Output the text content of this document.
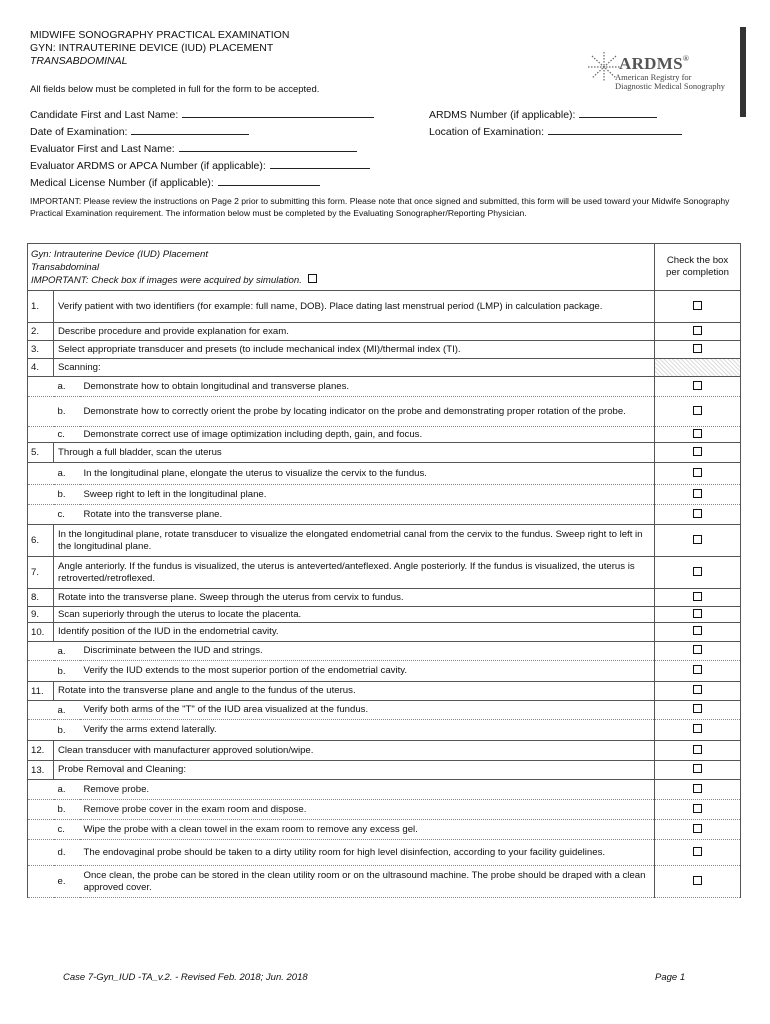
MIDWIFE SONOGRAPHY PRACTICAL EXAMINATION
GYN: INTRAUTERINE DEVICE (IUD) PLACEMENT
TRANSABDOMINAL
All fields below must be completed in full for the form to be accepted.
ARDMS®
American Registry for
Diagnostic Medical Sonography
Candidate First and Last Name:
Date of Examination:
Evaluator First and Last Name:
Evaluator ARDMS or APCA Number (if applicable):
Medical License Number (if applicable):
ARDMS Number (if applicable):
Location of Examination:
IMPORTANT: Please review the instructions on Page 2 prior to submitting this form. Please note that once signed and submitted, this form will be used toward your Midwife Sonography Practical Examination requirement. The information below must be completed by the Evaluating Sonographer/Reporting Physician.
Gyn: Intrauterine Device (IUD) Placement
Transabdominal
IMPORTANT: Check box if images were acquired by simulation.			Check the box per completion
1.	Verify patient with two identifiers (for example: full name, DOB). Place dating last menstrual period (LMP) in calculation package.		
2.	Describe procedure and provide explanation for exam.		
3.	Select appropriate transducer and presets (to include mechanical index (MI)/thermal index (TI).		
4.	Scanning:		
	a.	Demonstrate how to obtain longitudinal and transverse planes.	
	b.	Demonstrate how to correctly orient the probe by locating indicator on the probe and demonstrating proper rotation of the probe.	
	c.	Demonstrate correct use of image optimization including depth, gain, and focus.	
5.	Through a full bladder, scan the uterus		
	a.	In the longitudinal plane, elongate the uterus to visualize the cervix to the fundus.	
	b.	Sweep right to left in the longitudinal plane.	
	c.	Rotate into the transverse plane.	
6.	In the longitudinal plane, rotate transducer to visualize the elongated endometrial canal from the cervix to the fundus. Sweep right to left in the longitudinal plane.		
7.	Angle anteriorly. If the fundus is visualized, the uterus is anteverted/anteflexed. Angle posteriorly. If the fundus is visualized, the uterus is retroverted/retroflexed.		
8.	Rotate into the transverse plane. Sweep through the uterus from cervix to fundus.		
9.	Scan superiorly through the uterus to locate the placenta.		
10.	Identify position of the IUD in the endometrial cavity.		
	a.	Discriminate between the IUD and strings.	
	b.	Verify the IUD extends to the most superior portion of the endometrial cavity.	
11.	Rotate into the transverse plane and angle to the fundus of the uterus.		
	a.	Verify both arms of the "T" of the IUD area visualized at the fundus.	
	b.	Verify the arms extend laterally.	
12.	Clean transducer with manufacturer approved solution/wipe.		
13.	Probe Removal and Cleaning:		
	a.	Remove probe.	
	b.	Remove probe cover in the exam room and dispose.	
	c.	Wipe the probe with a clean towel in the exam room to remove any excess gel.	
	d.	The endovaginal probe should be taken to a dirty utility room for high level disinfection, according to your facility guidelines.	
	e.	Once clean, the probe can be stored in the clean utility room or on the ultrasound machine. The probe should be draped with a clean approved cover.	
Case 7-Gyn_IUD -TA_v.2. - Revised Feb. 2018; Jun. 2018	Page 1
